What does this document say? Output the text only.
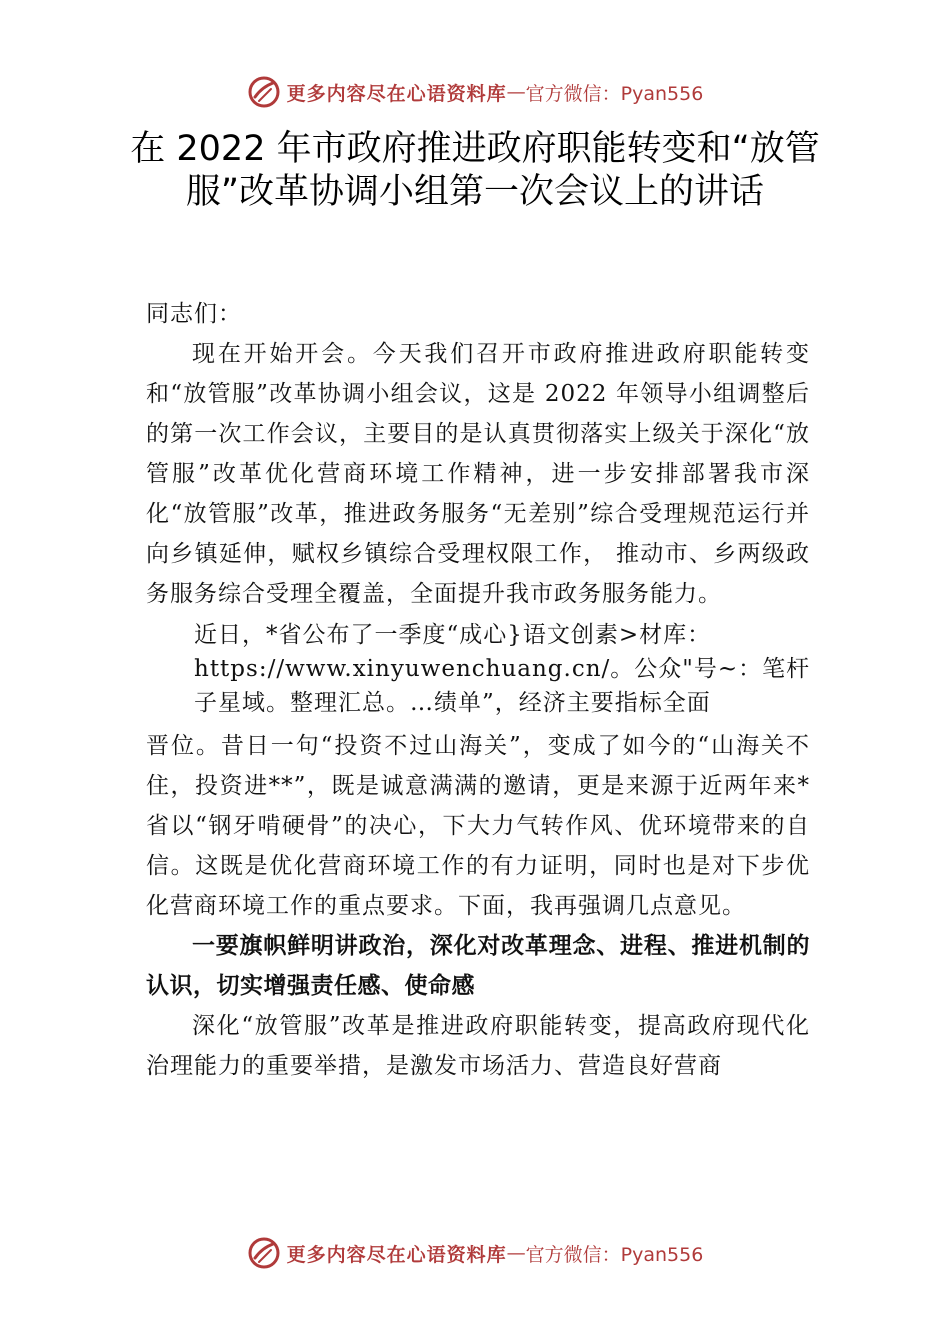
更多内容尽在心语资料库 — 官方微信：Pyan556
在 2022 年市政府推进政府职能转变和“放管服”改革协调小组第一次会议上的讲话

同志们：

现在开始开会。今天我们召开市政府推进政府职能转变和“放管服”改革协调小组会议，这是 2022 年领导小组调整后的第一次工作会议，主要目的是认真贯彻落实上级关于深化“放管服”改革优化营商环境工作精神，进一步安排部署我市深化“放管服”改革，推进政务服务“无差别”综合受理规范运行并向乡镇延伸，赋权乡镇综合受理权限工作， 推动市、乡两级政务服务综合受理全覆盖，全面提升我市政务服务能力。

近日，*省公布了一季度“成心}语文创素>材库：https://www.xinyuwenchuang.cn/。公众"号~：笔杆子星域。整理汇总。…绩单”，经济主要指标全面

晋位。昔日一句“投资不过山海关”，变成了如今的“山海关不住，投资进**”，既是诚意满满的邀请，更是来源于近两年来*省以“钢牙啃硬骨”的决心，下大力气转作风、优环境带来的自信。这既是优化营商环境工作的有力证明，同时也是对下步优化营商环境工作的重点要求。下面，我再强调几点意见。

一要旗帜鲜明讲政治，深化对改革理念、进程、推进机制的认识，切实增强责任感、使命感

深化“放管服”改革是推进政府职能转变，提高政府现代化治理能力的重要举措，是激发市场活力、营造良好营商

更多内容尽在心语资料库 — 官方微信：Pyan556
